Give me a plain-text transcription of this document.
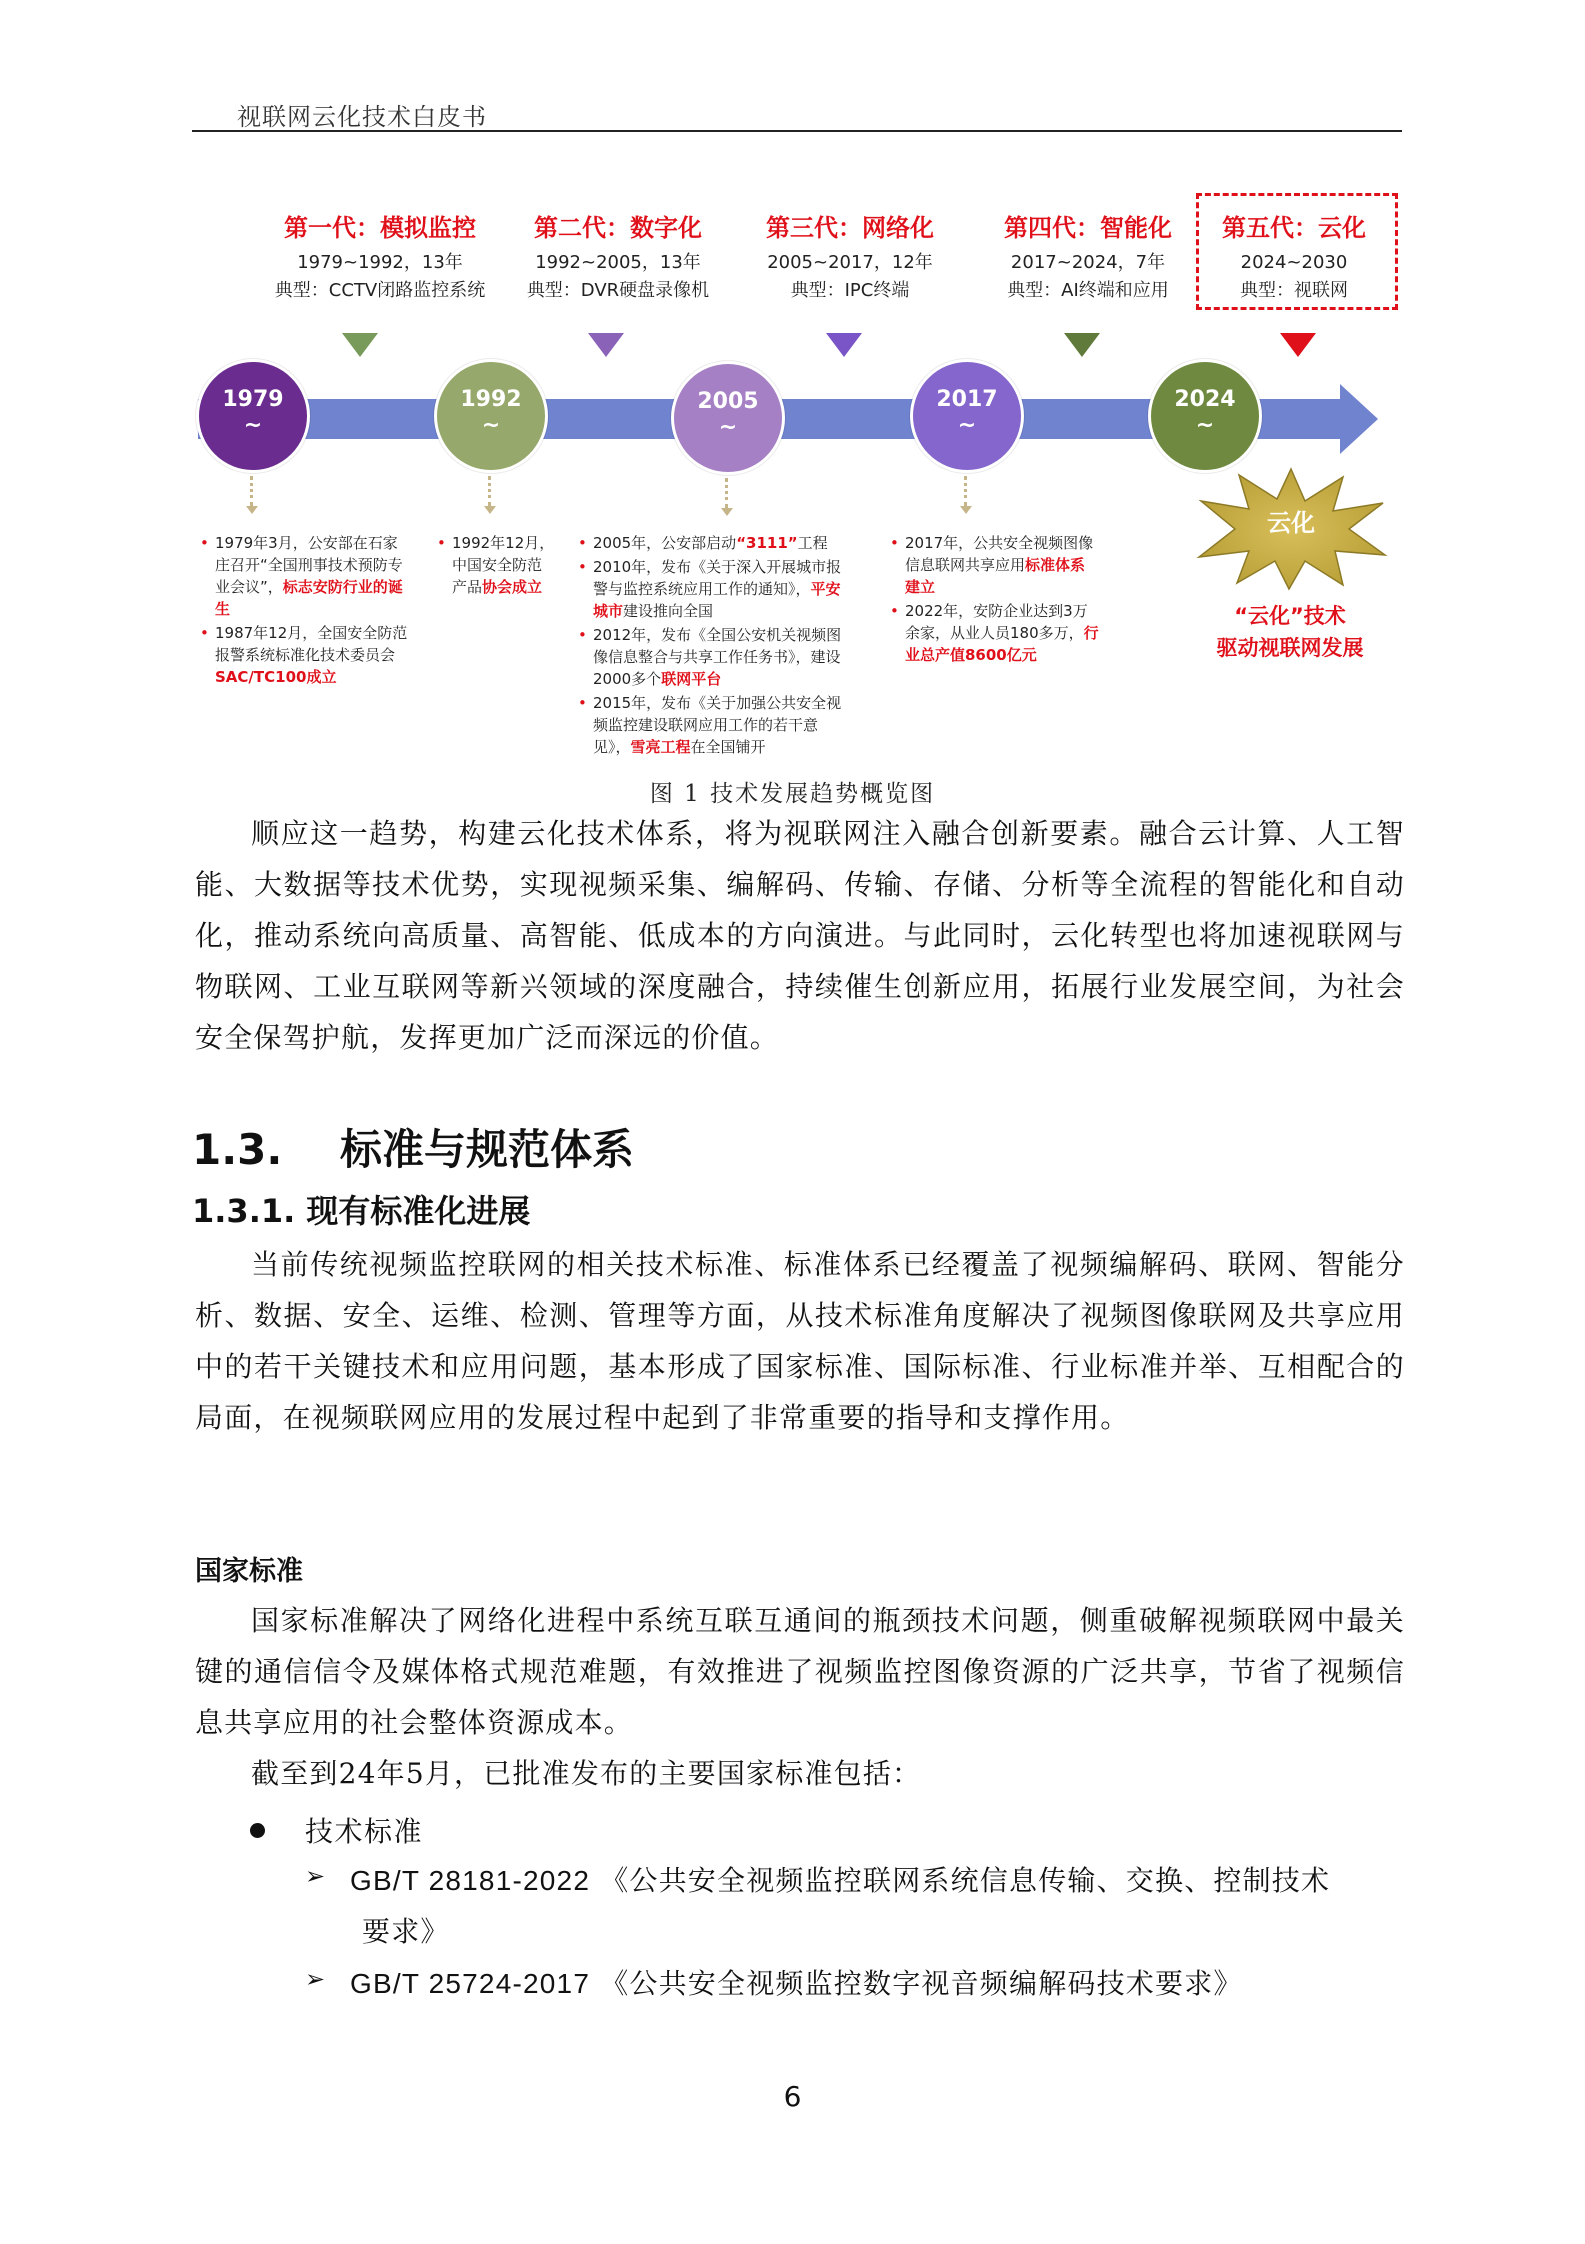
视联网云化技术白皮书
第一代：模拟监控
1979~1992，13年
典型：CCTV闭路监控系统
第二代：数字化
1992~2005，13年
典型：DVR硬盘录像机
第三代：网络化
2005~2017，12年
典型：IPC终端
第四代：智能化
2017~2024，7年
典型：AI终端和应用
第五代：云化
2024~2030
典型：视联网
1979
~
1992
~
2005
~
2017
~
2024
~
• 1979年3月，公安部在石家庄召开“全国刑事技术预防专业会议”，标志安防行业的诞生
• 1987年12月，全国安全防范报警系统标准化技术委员会SAC/TC100成立
• 1992年12月，中国安全防范产品协会成立
• 2005年，公安部启动“3111”工程
• 2010年，发布《关于深入开展城市报警与监控系统应用工作的通知》，平安城市建设推向全国
• 2012年，发布《全国公安机关视频图像信息整合与共享工作任务书》，建设2000多个联网平台
• 2015年，发布《关于加强公共安全视频监控建设联网应用工作的若干意见》，雪亮工程在全国铺开
• 2017年，公共安全视频图像信息联网共享应用标准体系建立
• 2022年，安防企业达到3万余家，从业人员180多万，行业总产值8600亿元
云化
“云化”技术
驱动视联网发展
图 1 技术发展趋势概览图
顺应这一趋势，构建云化技术体系，将为视联网注入融合创新要素。融合云计算、人工智能、大数据等技术优势，实现视频采集、编解码、传输、存储、分析等全流程的智能化和自动化，推动系统向高质量、高智能、低成本的方向演进。与此同时，云化转型也将加速视联网与物联网、工业互联网等新兴领域的深度融合，持续催生创新应用，拓展行业发展空间，为社会安全保驾护航，发挥更加广泛而深远的价值。
1.3. 标准与规范体系
1.3.1. 现有标准化进展
当前传统视频监控联网的相关技术标准、标准体系已经覆盖了视频编解码、联网、智能分析、数据、安全、运维、检测、管理等方面，从技术标准角度解决了视频图像联网及共享应用中的若干关键技术和应用问题，基本形成了国家标准、国际标准、行业标准并举、互相配合的局面，在视频联网应用的发展过程中起到了非常重要的指导和支撑作用。
国家标准
国家标准解决了网络化进程中系统互联互通间的瓶颈技术问题，侧重破解视频联网中最关键的通信信令及媒体格式规范难题，有效推进了视频监控图像资源的广泛共享，节省了视频信息共享应用的社会整体资源成本。
截至到24年5月，已批准发布的主要国家标准包括：
技术标准
➢ GB/T 28181-2022 《公共安全视频监控联网系统信息传输、交换、控制技术
要求》
➢ GB/T 25724-2017 《公共安全视频监控数字视音频编解码技术要求》
6
